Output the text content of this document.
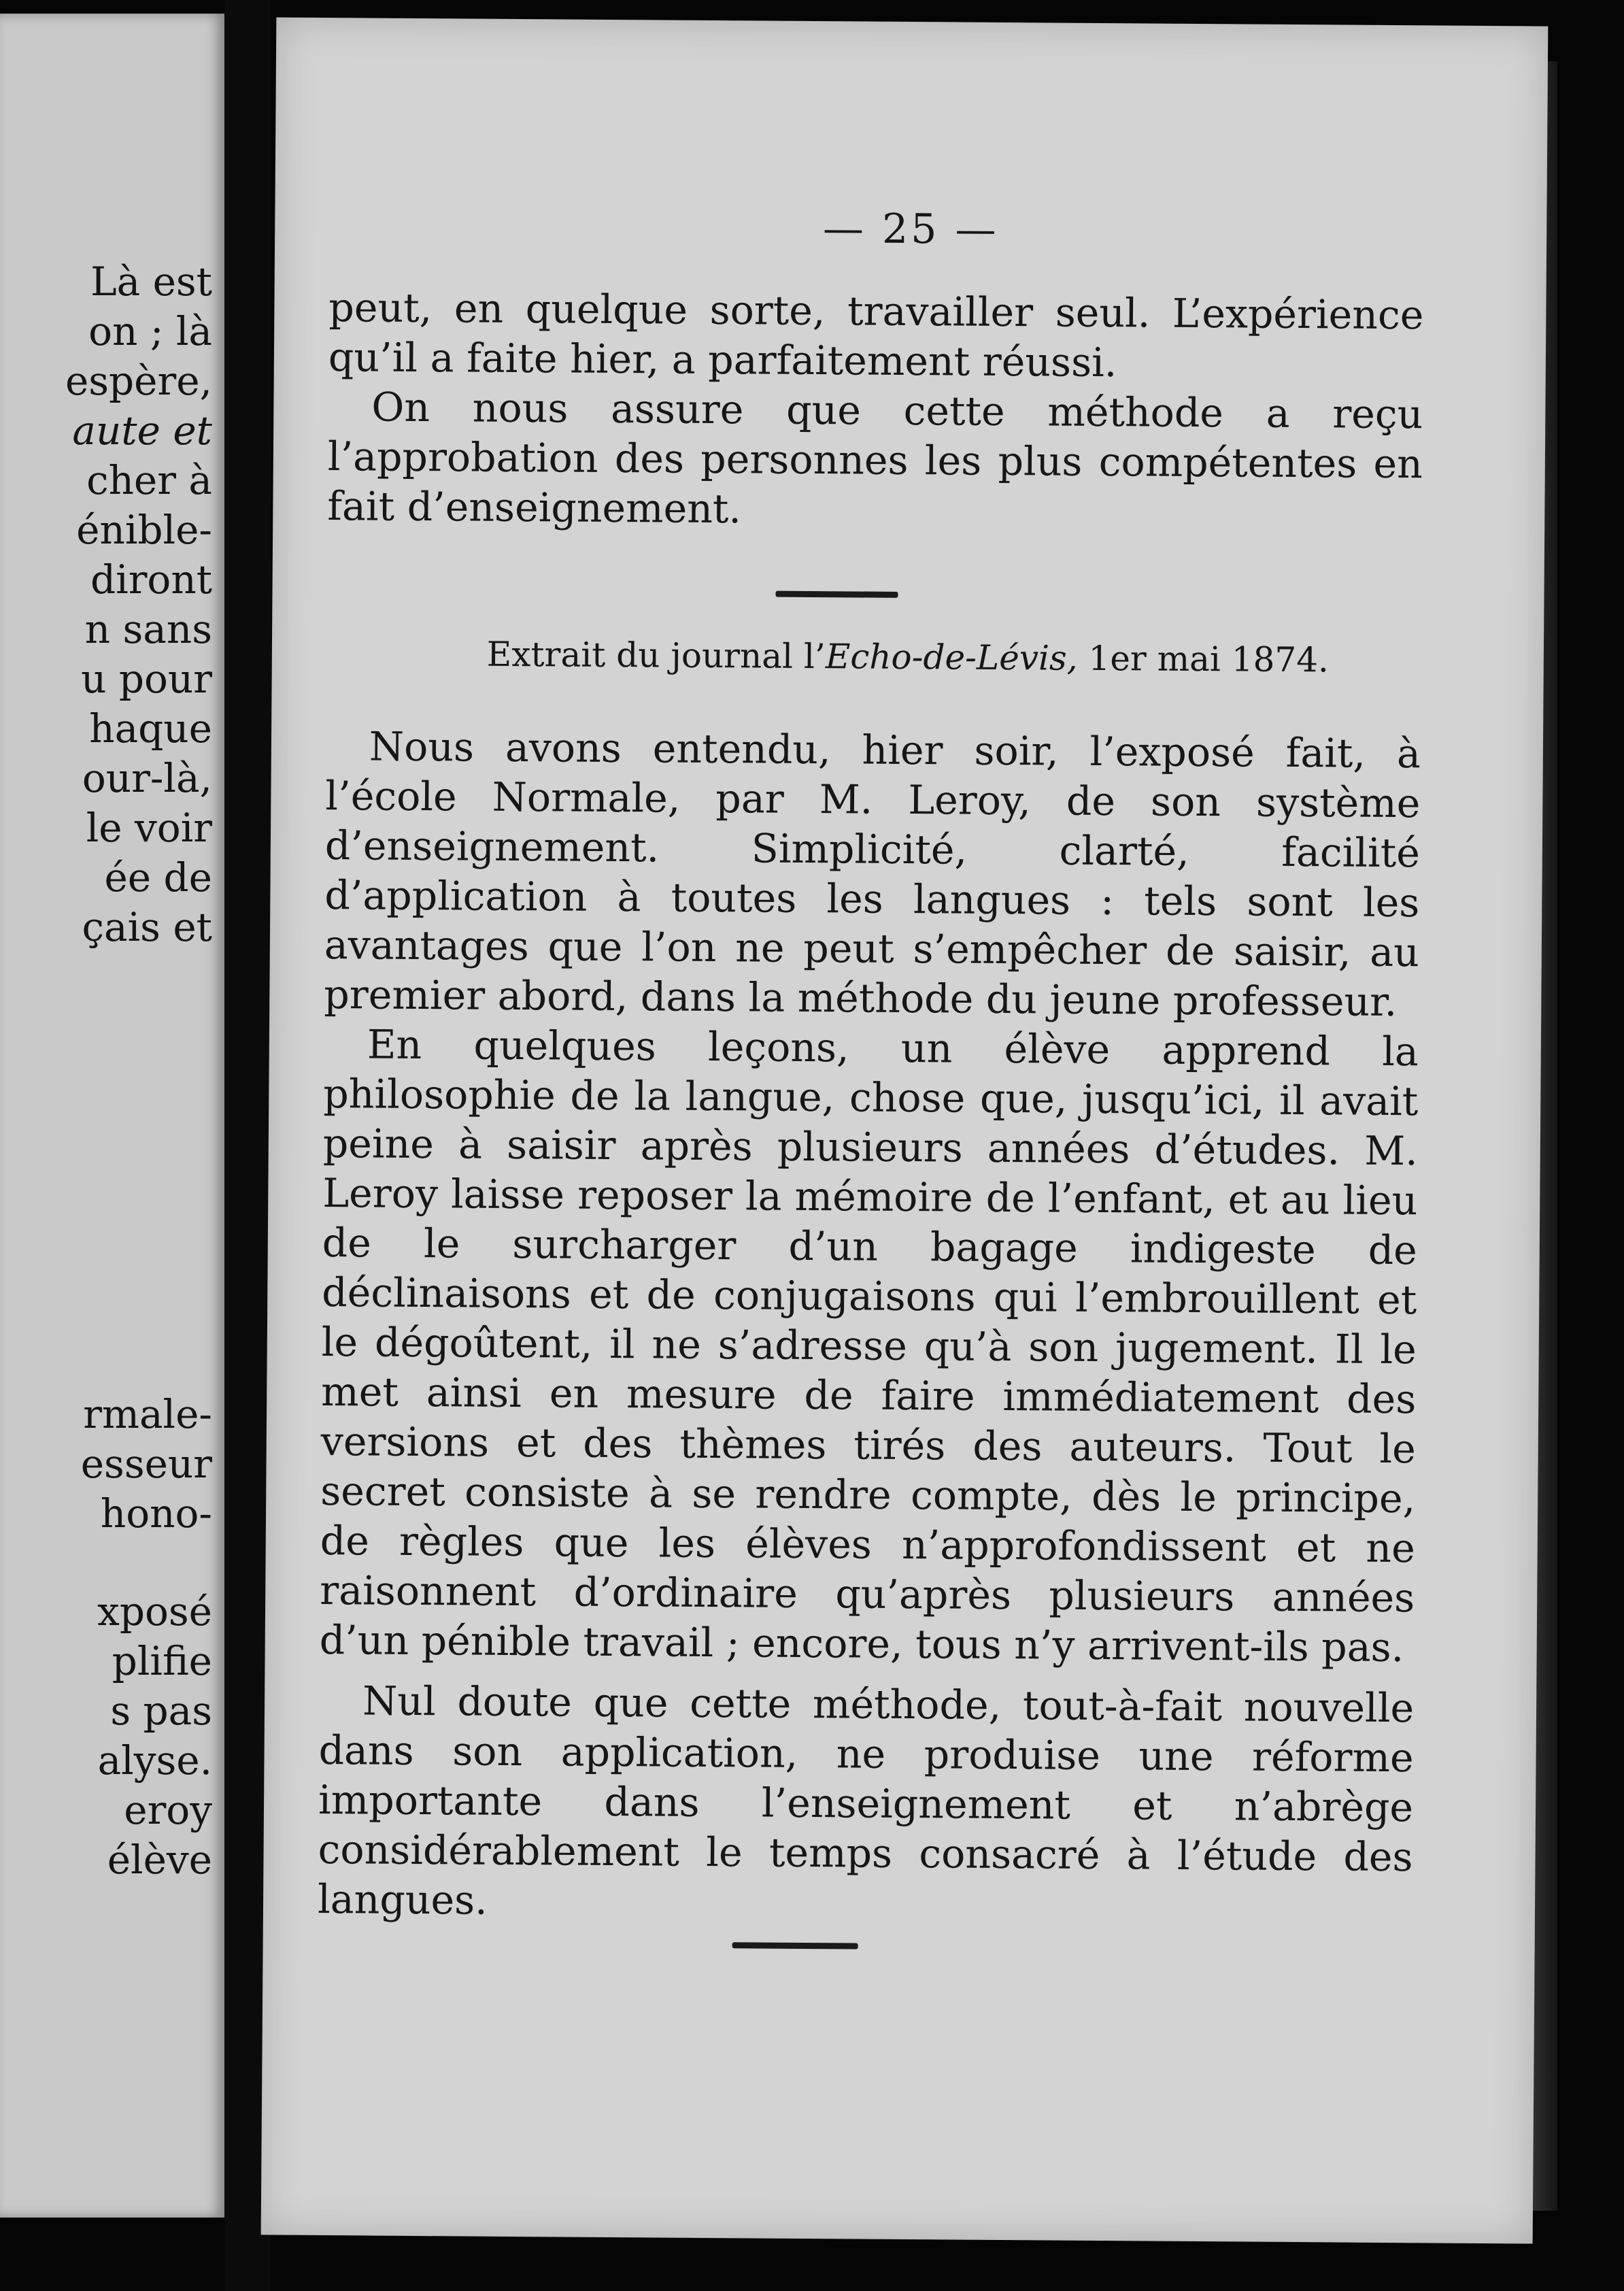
Là est
on ; là
espère,
aute et
cher à
énible-
diront
n sans
u pour
haque
our-là,
le voir
ée de
çais et
rmale-
esseur
hono-
xposé
plifie
s pas
alyse.
eroy
élève
— 25 —

peut, en quelque sorte, travailler seul. L’expérience qu’il a faite hier, a parfaitement réussi.

On nous assure que cette méthode a reçu l’approbation des personnes les plus compétentes en fait d’enseignement.

Extrait du journal l’Echo-de-Lévis, 1er mai 1874.

Nous avons entendu, hier soir, l’exposé fait, à l’école Normale, par M. Leroy, de son système d’enseignement. Simplicité, clarté, facilité d’application à toutes les langues : tels sont les avantages que l’on ne peut s’empêcher de saisir, au premier abord, dans la méthode du jeune professeur.

En quelques leçons, un élève apprend la philosophie de la langue, chose que, jusqu’ici, il avait peine à saisir après plusieurs années d’études. M. Leroy laisse reposer la mémoire de l’enfant, et au lieu de le surcharger d’un bagage indigeste de déclinaisons et de conjugaisons qui l’embrouillent et le dégoûtent, il ne s’adresse qu’à son jugement. Il le met ainsi en mesure de faire immédiatement des versions et des thèmes tirés des auteurs. Tout le secret consiste à se rendre compte, dès le principe, de règles que les élèves n’approfondissent et ne raisonnent d’ordinaire qu’après plusieurs années d’un pénible travail ; encore, tous n’y arrivent-ils pas.

Nul doute que cette méthode, tout-à-fait nouvelle dans son application, ne produise une réforme importante dans l’enseignement et n’abrège considérablement le temps consacré à l’étude des langues.
